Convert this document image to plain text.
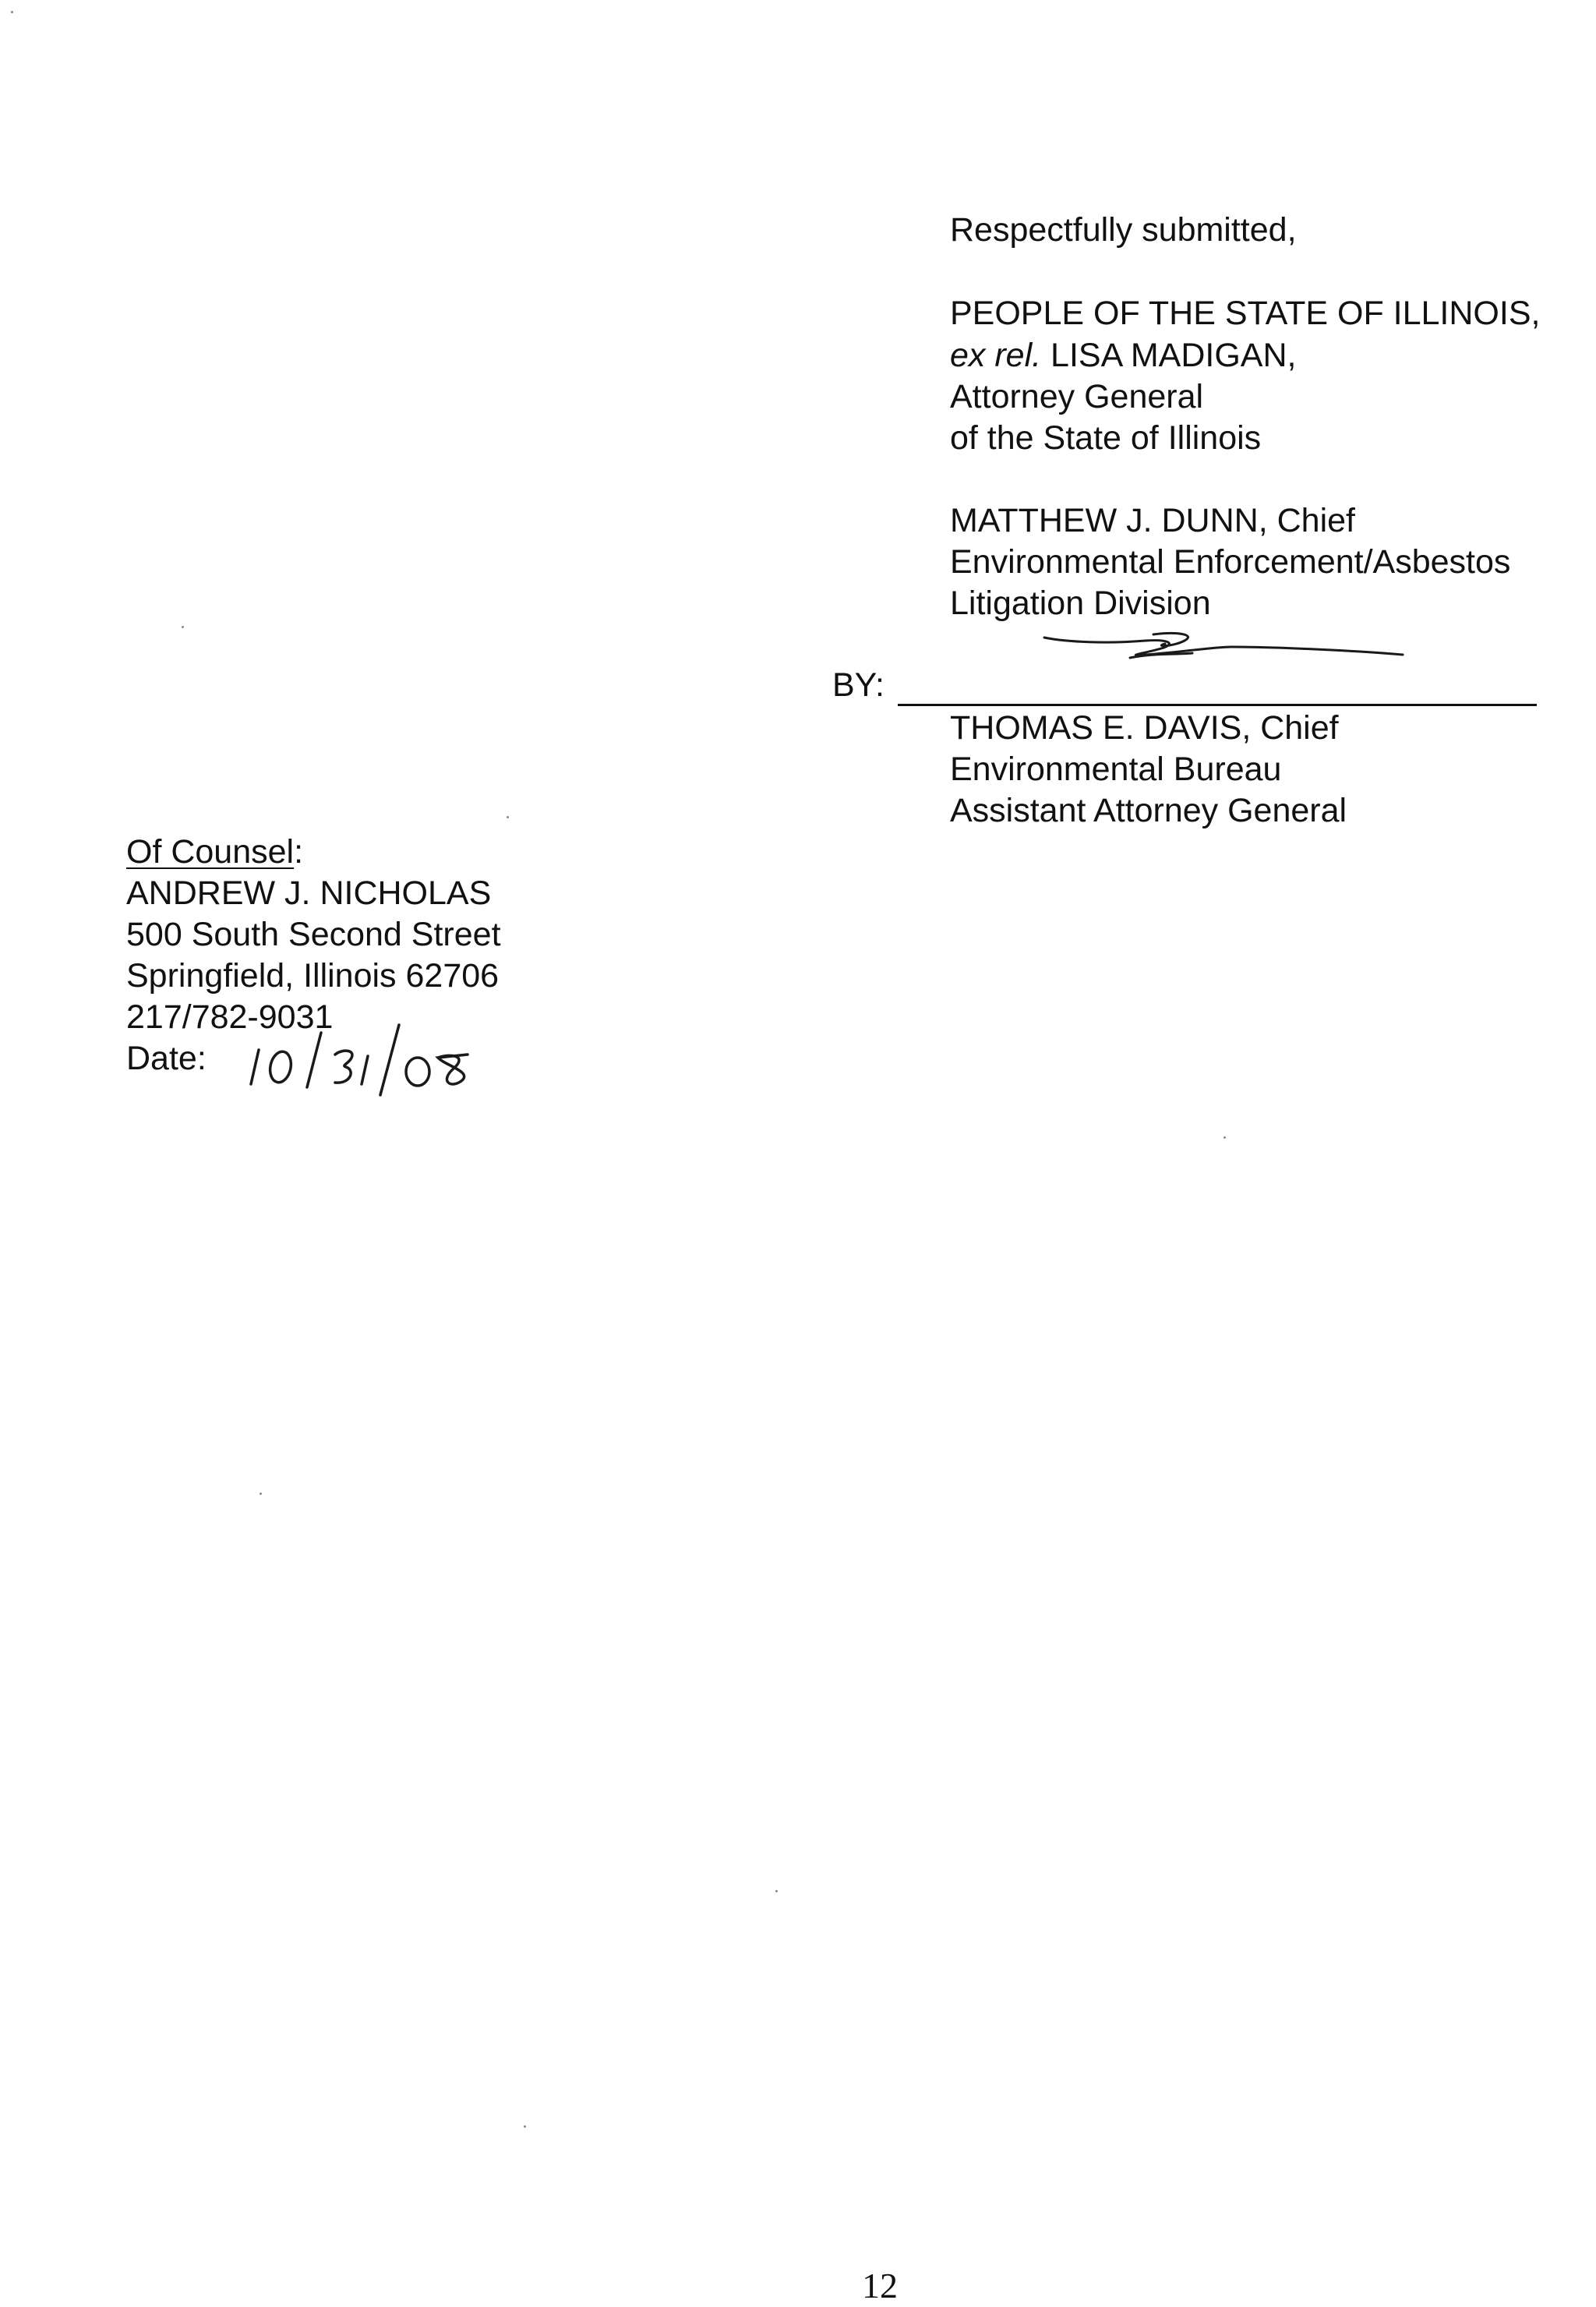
Respectfully submitted,
PEOPLE OF THE STATE OF ILLINOIS,
ex rel. LISA MADIGAN,
Attorney General
of the State of Illinois
MATTHEW J. DUNN, Chief
Environmental Enforcement/Asbestos
Litigation Division
BY:
THOMAS E. DAVIS, Chief
Environmental Bureau
Assistant Attorney General
Of Counsel:
ANDREW J. NICHOLAS
500 South Second Street
Springfield, Illinois 62706
217/782-9031
Date:
12
